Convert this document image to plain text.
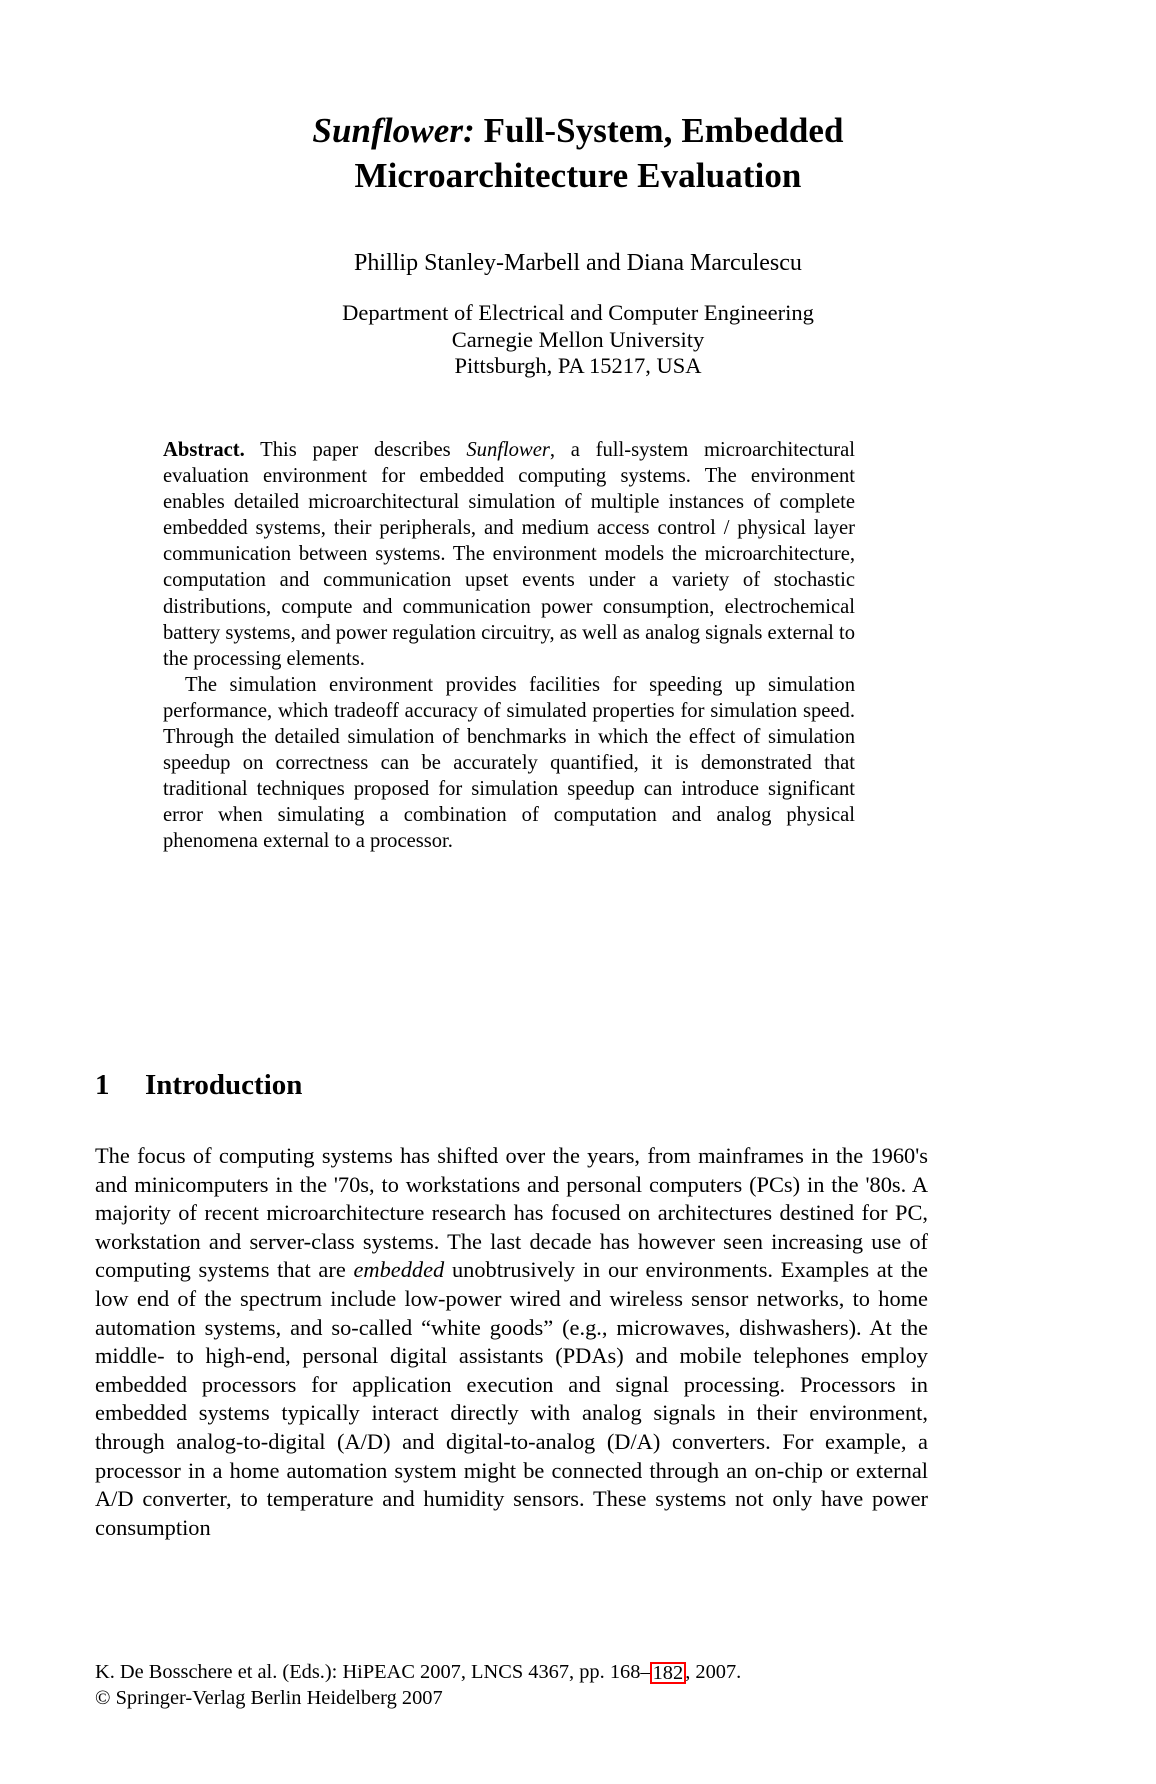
Sunflower: Full-System, Embedded
Microarchitecture Evaluation
Phillip Stanley-Marbell and Diana Marculescu
Department of Electrical and Computer Engineering
Carnegie Mellon University
Pittsburgh, PA 15217, USA

Abstract. This paper describes Sunflower, a full-system microarchitectural evaluation environment for embedded computing systems. The environment enables detailed microarchitectural simulation of multiple instances of complete embedded systems, their peripherals, and medium access control / physical layer communication between systems. The environment models the microarchitecture, computation and communication upset events under a variety of stochastic distributions, compute and communication power consumption, electrochemical battery systems, and power regulation circuitry, as well as analog signals external to the processing elements.

The simulation environment provides facilities for speeding up simulation performance, which tradeoff accuracy of simulated properties for simulation speed. Through the detailed simulation of benchmarks in which the effect of simulation speedup on correctness can be accurately quantified, it is demonstrated that traditional techniques proposed for simulation speedup can introduce significant error when simulating a combination of computation and analog physical phenomena external to a processor.

1 Introduction

The focus of computing systems has shifted over the years, from mainframes in the 1960's and minicomputers in the '70s, to workstations and personal computers (PCs) in the '80s. A majority of recent microarchitecture research has focused on architectures destined for PC, workstation and server-class systems. The last decade has however seen increasing use of computing systems that are embedded unobtrusively in our environments. Examples at the low end of the spectrum include low-power wired and wireless sensor networks, to home automation systems, and so-called “white goods” (e.g., microwaves, dishwashers). At the middle- to high-end, personal digital assistants (PDAs) and mobile telephones employ embedded processors for application execution and signal processing. Processors in embedded systems typically interact directly with analog signals in their environment, through analog-to-digital (A/D) and digital-to-analog (D/A) converters. For example, a processor in a home automation system might be connected through an on-chip or external A/D converter, to temperature and humidity sensors. These systems not only have power consumption

K. De Bosschere et al. (Eds.): HiPEAC 2007, LNCS 4367, pp. 168–182, 2007.
© Springer-Verlag Berlin Heidelberg 2007
